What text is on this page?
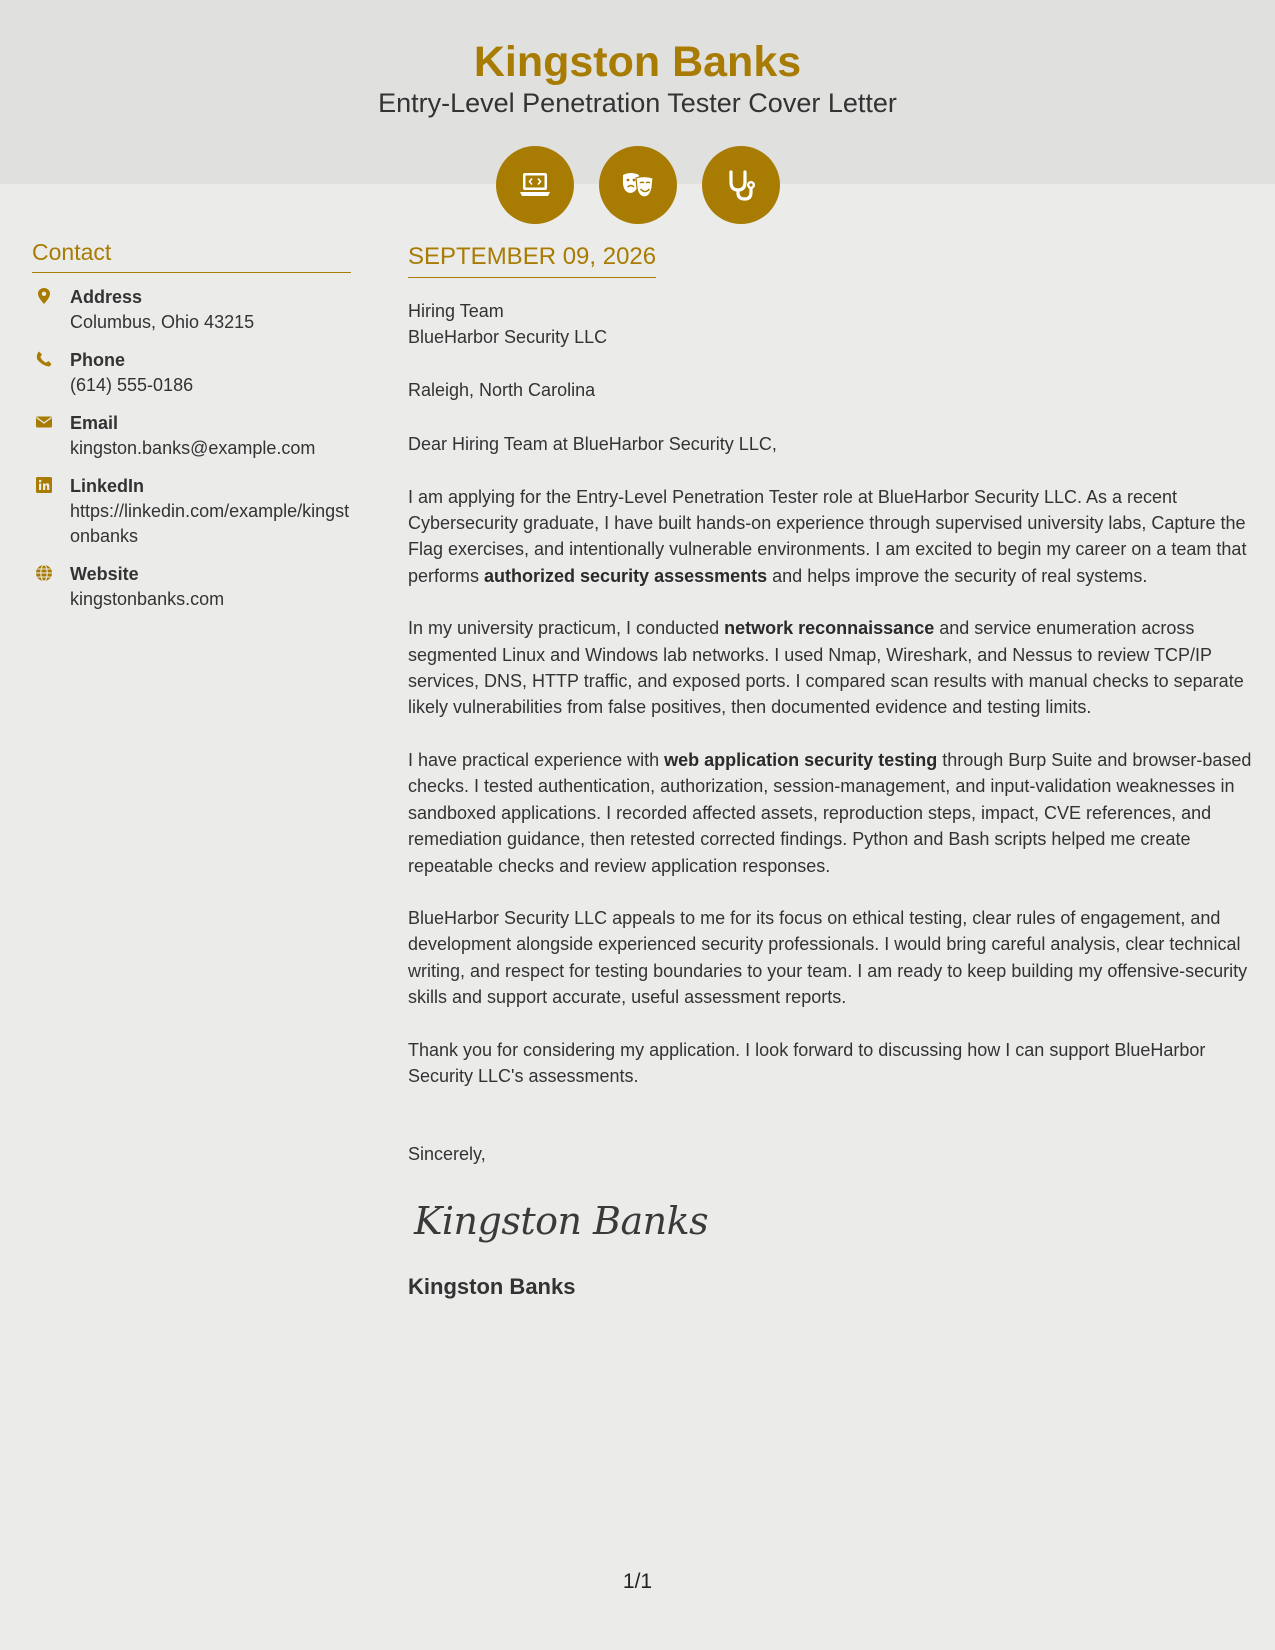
Kingston Banks
Entry-Level Penetration Tester Cover Letter
Contact
Address
Columbus, Ohio 43215
Phone
(614) 555-0186
Email
kingston.banks@example.com
LinkedIn
https://linkedin.com/example/kingstonbanks
Website
kingstonbanks.com
SEPTEMBER 09, 2026
Hiring Team
BlueHarbor Security LLC
Raleigh, North Carolina
Dear Hiring Team at BlueHarbor Security LLC,
I am applying for the Entry-Level Penetration Tester role at BlueHarbor Security LLC. As a recent Cybersecurity graduate, I have built hands-on experience through supervised university labs, Capture the Flag exercises, and intentionally vulnerable environments. I am excited to begin my career on a team that performs authorized security assessments and helps improve the security of real systems.
In my university practicum, I conducted network reconnaissance and service enumeration across segmented Linux and Windows lab networks. I used Nmap, Wireshark, and Nessus to review TCP/IP services, DNS, HTTP traffic, and exposed ports. I compared scan results with manual checks to separate likely vulnerabilities from false positives, then documented evidence and testing limits.
I have practical experience with web application security testing through Burp Suite and browser-based checks. I tested authentication, authorization, session-management, and input-validation weaknesses in sandboxed applications. I recorded affected assets, reproduction steps, impact, CVE references, and remediation guidance, then retested corrected findings. Python and Bash scripts helped me create repeatable checks and review application responses.
BlueHarbor Security LLC appeals to me for its focus on ethical testing, clear rules of engagement, and development alongside experienced security professionals. I would bring careful analysis, clear technical writing, and respect for testing boundaries to your team. I am ready to keep building my offensive-security skills and support accurate, useful assessment reports.
Thank you for considering my application. I look forward to discussing how I can support BlueHarbor Security LLC's assessments.
Sincerely,
Kingston Banks
Kingston Banks
1/1
